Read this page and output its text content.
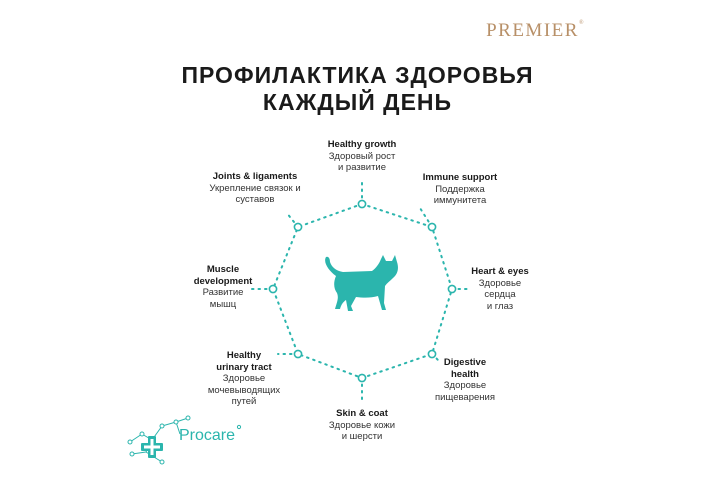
PREMIER®
ПРОФИЛАКТИКА ЗДОРОВЬЯ
КАЖДЫЙ ДЕНЬ
Healthy growth
Здоровый рост
и развитие
Immune support
Поддержка
иммунитета
Heart & eyes
Здоровье
сердца
и глаз
Digestive
health
Здоровье
пищеварения
Skin & coat
Здоровье кожи
и шерсти
Healthy
urinary tract
Здоровье
мочевыводящих
путей
Muscle
development
Развитие
мышц
Joints & ligaments
Укрепление связок и
суставов
Procare
